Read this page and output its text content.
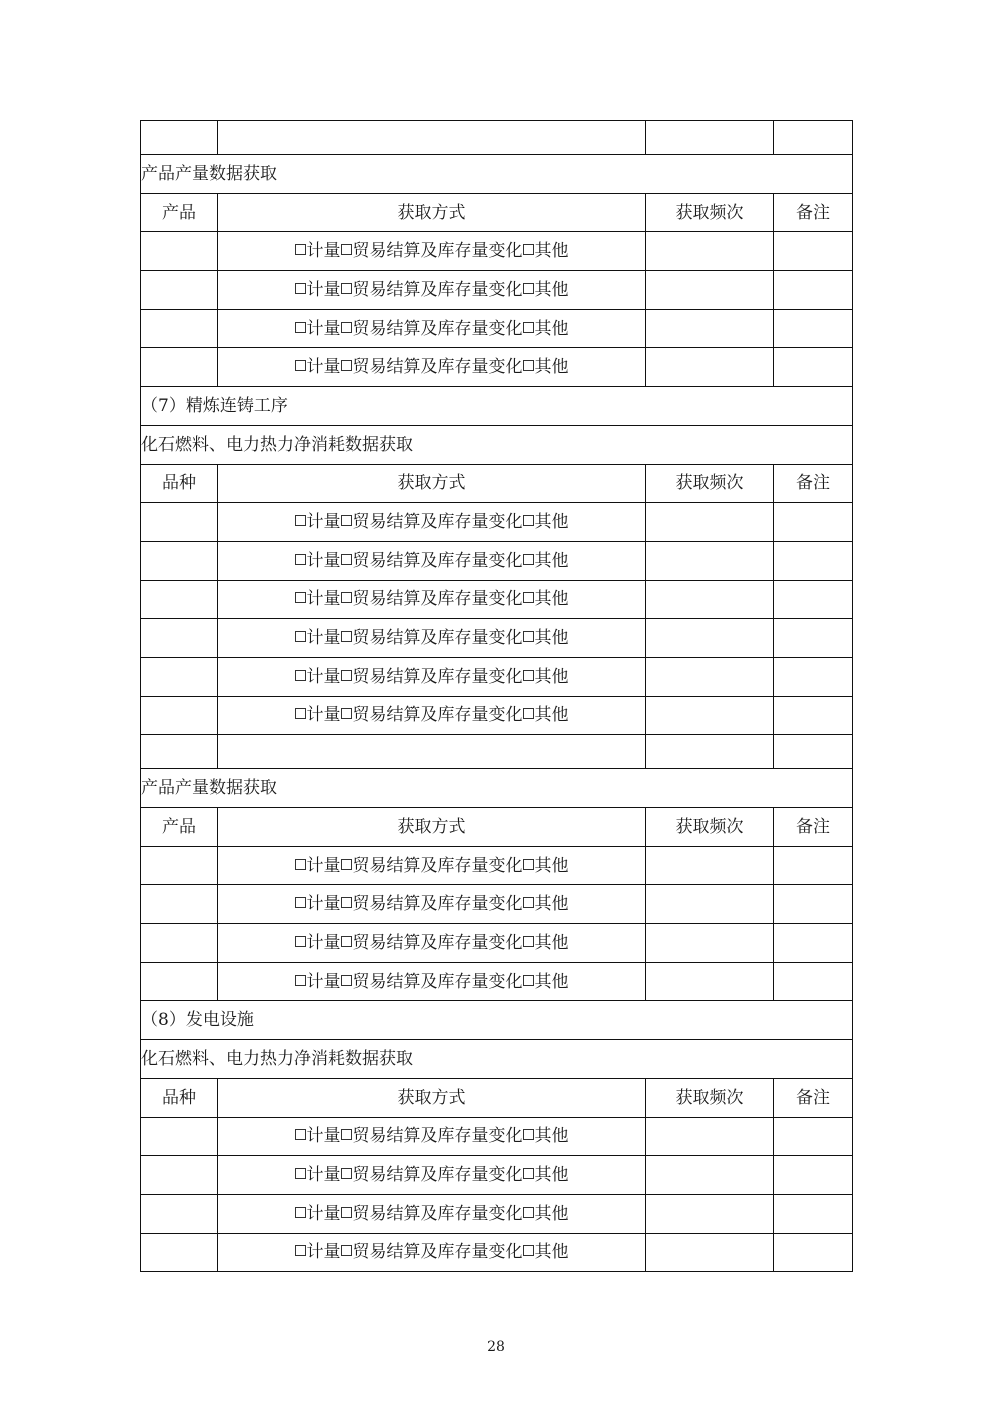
产品产量数据获取			
产品	获取方式	获取频次	备注
	计量 贸易结算及库存量变化 其他		
	计量 贸易结算及库存量变化 其他		
	计量 贸易结算及库存量变化 其他		
	计量 贸易结算及库存量变化 其他		
（7）精炼连铸工序			
化石燃料、电力热力净消耗数据获取			
品种	获取方式	获取频次	备注
	计量 贸易结算及库存量变化 其他		
	计量 贸易结算及库存量变化 其他		
	计量 贸易结算及库存量变化 其他		
	计量 贸易结算及库存量变化 其他		
	计量 贸易结算及库存量变化 其他		
	计量 贸易结算及库存量变化 其他		

产品产量数据获取			
产品	获取方式	获取频次	备注
	计量 贸易结算及库存量变化 其他		
	计量 贸易结算及库存量变化 其他		
	计量 贸易结算及库存量变化 其他		
	计量 贸易结算及库存量变化 其他		
（8）发电设施			
化石燃料、电力热力净消耗数据获取			
品种	获取方式	获取频次	备注
	计量 贸易结算及库存量变化 其他		
	计量 贸易结算及库存量变化 其他		
	计量 贸易结算及库存量变化 其他		
	计量 贸易结算及库存量变化 其他		
28
